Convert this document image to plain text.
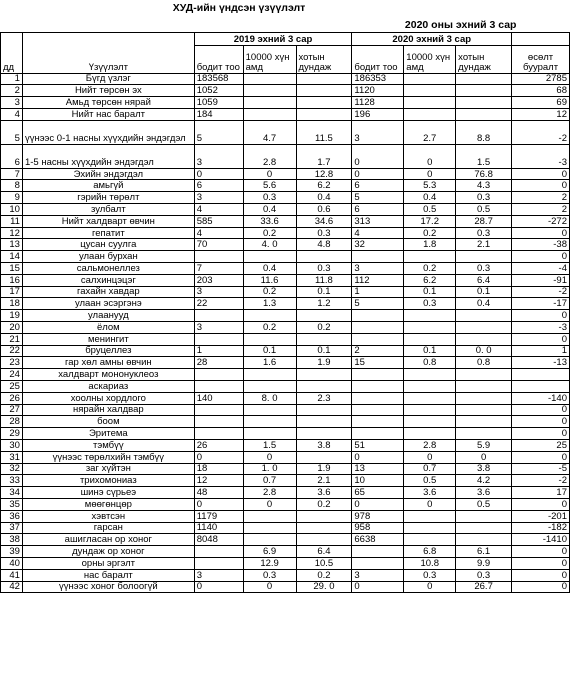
	ХУД-ийн үндсэн үзүүлэлт							
					2020 оны эхний 3 сар			
		2019 эхний 3 сар			2020 эхний 3 сар			
дд	Үзүүлэлт	бодит тоо	10000 хүн амд	хотын дундаж	бодит тоо	10000 хүн амд	хотын дундаж	өсөлт бууралт
1	Бүгд үзлэг	183568			186353			2785
2	Нийт төрсөн эх	1052			1120			68
3	Амьд төрсөн нярай	1059			1128			69
4	Нийт нас баралт	184			196			12
5	үүнээс 0-1 насны хүүхдийн эндэгдэл	5	4.7	11.5	3	2.7	8.8	-2
6	1-5 насны хүүхдийн эндэгдэл	3	2.8	1.7	0	0	1.5	-3
7	Эхийн эндэгдэл	0	0	12.8	0	0	76.8	0
8	амьгүй	6	5.6	6.2	6	5.3	4.3	0
9	гэрийн төрөлт	3	0.3	0.4	5	0.4	0.3	2
10	зулбалт	4	0.4	0.6	6	0.5	0.5	2
11	Нийт халдварт өвчин	585	33.6	34.6	313	17.2	28.7	-272
12	гепатит	4	0.2	0.3	4	0.2	0.3	0
13	цусан суулга	70	4. 0	4.8	32	1.8	2.1	-38
14	улаан бурхан							0
15	сальмонеллез	7	0.4	0.3	3	0.2	0.3	-4
16	салхинцэцэг	203	11.6	11.8	112	6.2	6.4	-91
17	гахайн хавдар	3	0.2	0.1	1	0.1	0.1	-2
18	улаан эсэргэнэ	22	1.3	1.2	5	0.3	0.4	-17
19	улаанууд							0
20	ёлом	3	0.2	0.2				-3
21	менингит							0
22	бруцеллез	1	0.1	0.1	2	0.1	0. 0	1
23	гар хөл амны өвчин	28	1.6	1.9	15	0.8	0.8	-13
24	халдварт мононуклеоз							
25	аскариаз							
26	хоолны хордлого	140	8. 0	2.3				-140
27	нярайн халдвар							0
28	боом							0
29	Эритема							0
30	тэмбүү	26	1.5	3.8	51	2.8	5.9	25
31	үүнээс төрөлхийн тэмбүү	0	0		0	0	0	0
32	заг хүйтэн	18	1. 0	1.9	13	0.7	3.8	-5
33	трихомониаз	12	0.7	2.1	10	0.5	4.2	-2
34	шинэ сүрьеэ	48	2.8	3.6	65	3.6	3.6	17
35	мөөгөнцөр	0	0	0.2	0	0	0.5	0
36	хэвтсэн	1179			978			-201
37	гарсан	1140			958			-182
38	ашигласан ор хоног	8048			6638			-1410
39	дундаж ор хоног		6.9	6.4		6.8	6.1	0
40	орны эргэлт		12.9	10.5		10.8	9.9	0
41	нас баралт	3	0.3	0.2	3	0.3	0.3	0
42	үүнээс хоног болоогүй	0	0	29. 0	0	0	26.7	0
